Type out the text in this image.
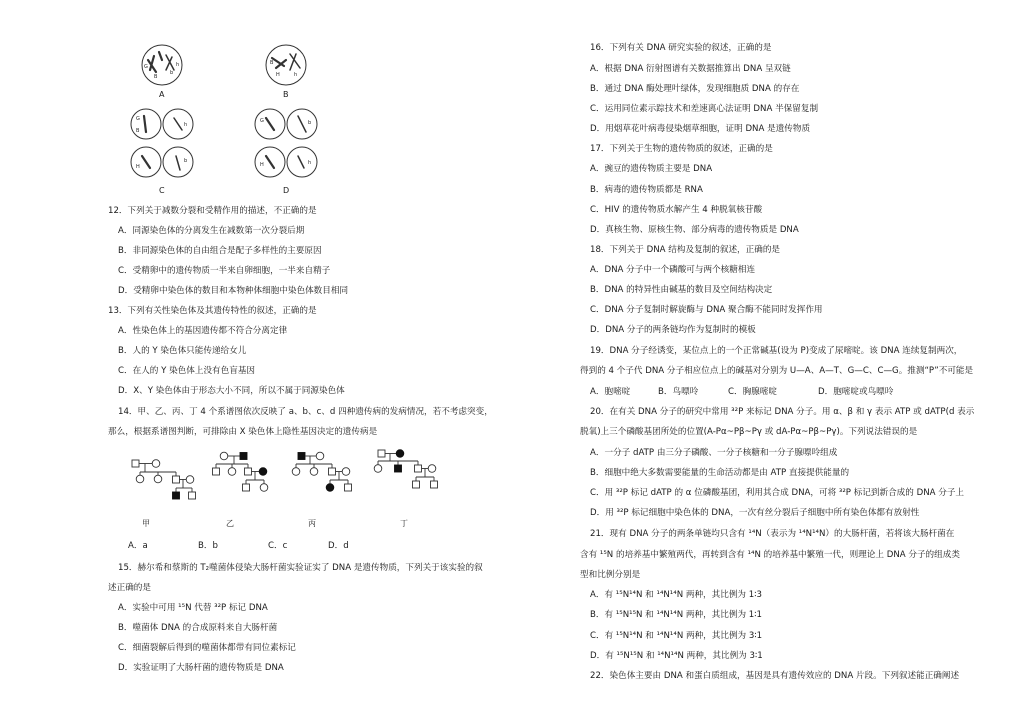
G
B
b
h
H	h
B
G
B
h
H
b
G	b
H	h
A	B
C	D
12．下列关于减数分裂和受精作用的描述，不正确的是
A．同源染色体的分离发生在减数第一次分裂后期
B．非同源染色体的自由组合是配子多样性的主要原因
C．受精卵中的遗传物质一半来自卵细胞，一半来自精子
D．受精卵中染色体的数目和本物种体细胞中染色体数目相同
13．下列有关性染色体及其遗传特性的叙述，正确的是
A．性染色体上的基因遗传都不符合分离定律
B．人的 Y 染色体只能传递给女儿
C．在人的 Y 染色体上没有色盲基因
D．X、Y 染色体由于形态大小不同，所以不属于同源染色体
14．甲、乙、丙、丁 4 个系谱图依次反映了 a、b、c、d 四种遗传病的发病情况，若不考虑突变，
那么，根据系谱图判断，可排除由 X 染色体上隐性基因决定的遗传病是
甲	乙	丙	丁
A．a	B．b	C．c	D．d
15．赫尔希和蔡斯的 T₂噬菌体侵染大肠杆菌实验证实了 DNA 是遗传物质，下列关于该实验的叙
述正确的是
A．实验中可用 ¹⁵N 代替 ³²P 标记 DNA
B．噬菌体 DNA 的合成原料来自大肠杆菌
C．细菌裂解后得到的噬菌体都带有同位素标记
D．实验证明了大肠杆菌的遗传物质是 DNA
16．下列有关 DNA 研究实验的叙述，正确的是
A．根据 DNA 衍射图谱有关数据推算出 DNA 呈双链
B．通过 DNA 酶处理叶绿体，发现细胞质 DNA 的存在
C．运用同位素示踪技术和差速离心法证明 DNA 半保留复制
D．用烟草花叶病毒侵染烟草细胞，证明 DNA 是遗传物质
17．下列关于生物的遗传物质的叙述，正确的是
A．豌豆的遗传物质主要是 DNA
B．病毒的遗传物质都是 RNA
C．HIV 的遗传物质水解产生 4 种脱氧核苷酸
D．真核生物、原核生物、部分病毒的遗传物质是 DNA
18．下列关于 DNA 结构及复制的叙述，正确的是
A．DNA 分子中一个磷酸可与两个核糖相连
B．DNA 的特异性由碱基的数目及空间结构决定
C．DNA 分子复制时解旋酶与 DNA 聚合酶不能同时发挥作用
D．DNA 分子的两条链均作为复制时的模板
19．DNA 分子经诱变，某位点上的一个正常碱基(设为 P)变成了尿嘧啶。该 DNA 连续复制两次，
得到的 4 个子代 DNA 分子相应位点上的碱基对分别为 U—A、A—T、G—C、C—G。推测“P”不可能是
A．胞嘧啶	B．鸟嘌呤	C．胸腺嘧啶	D．胞嘧啶或鸟嘌呤
20．在有关 DNA 分子的研究中常用 ³²P 来标记 DNA 分子。用 α、β 和 γ 表示 ATP 或 dATP(d 表示
脱氧)上三个磷酸基团所处的位置(A-Pα~Pβ~Pγ 或 dA-Pα~Pβ~Pγ)。下列说法错误的是
A．一分子 dATP 由三分子磷酸、一分子核糖和一分子腺嘌呤组成
B．细胞中绝大多数需要能量的生命活动都是由 ATP 直接提供能量的
C．用 ³²P 标记 dATP 的 α 位磷酸基团，利用其合成 DNA，可将 ³²P 标记到新合成的 DNA 分子上
D．用 ³²P 标记细胞中染色体的 DNA，一次有丝分裂后子细胞中所有染色体都有放射性
21．现有 DNA 分子的两条单链均只含有 ¹⁴N（表示为 ¹⁴N¹⁴N）的大肠杆菌，若将该大肠杆菌在
含有 ¹⁵N 的培养基中繁殖两代，再转到含有 ¹⁴N 的培养基中繁殖一代，则理论上 DNA 分子的组成类
型和比例分别是
A．有 ¹⁵N¹⁴N 和 ¹⁴N¹⁴N 两种，其比例为 1∶3
B．有 ¹⁵N¹⁵N 和 ¹⁴N¹⁴N 两种，其比例为 1∶1
C．有 ¹⁵N¹⁴N 和 ¹⁴N¹⁴N 两种，其比例为 3∶1
D．有 ¹⁵N¹⁵N 和 ¹⁴N¹⁴N 两种，其比例为 3∶1
22．染色体主要由 DNA 和蛋白质组成，基因是具有遗传效应的 DNA 片段。下列叙述能正确阐述
